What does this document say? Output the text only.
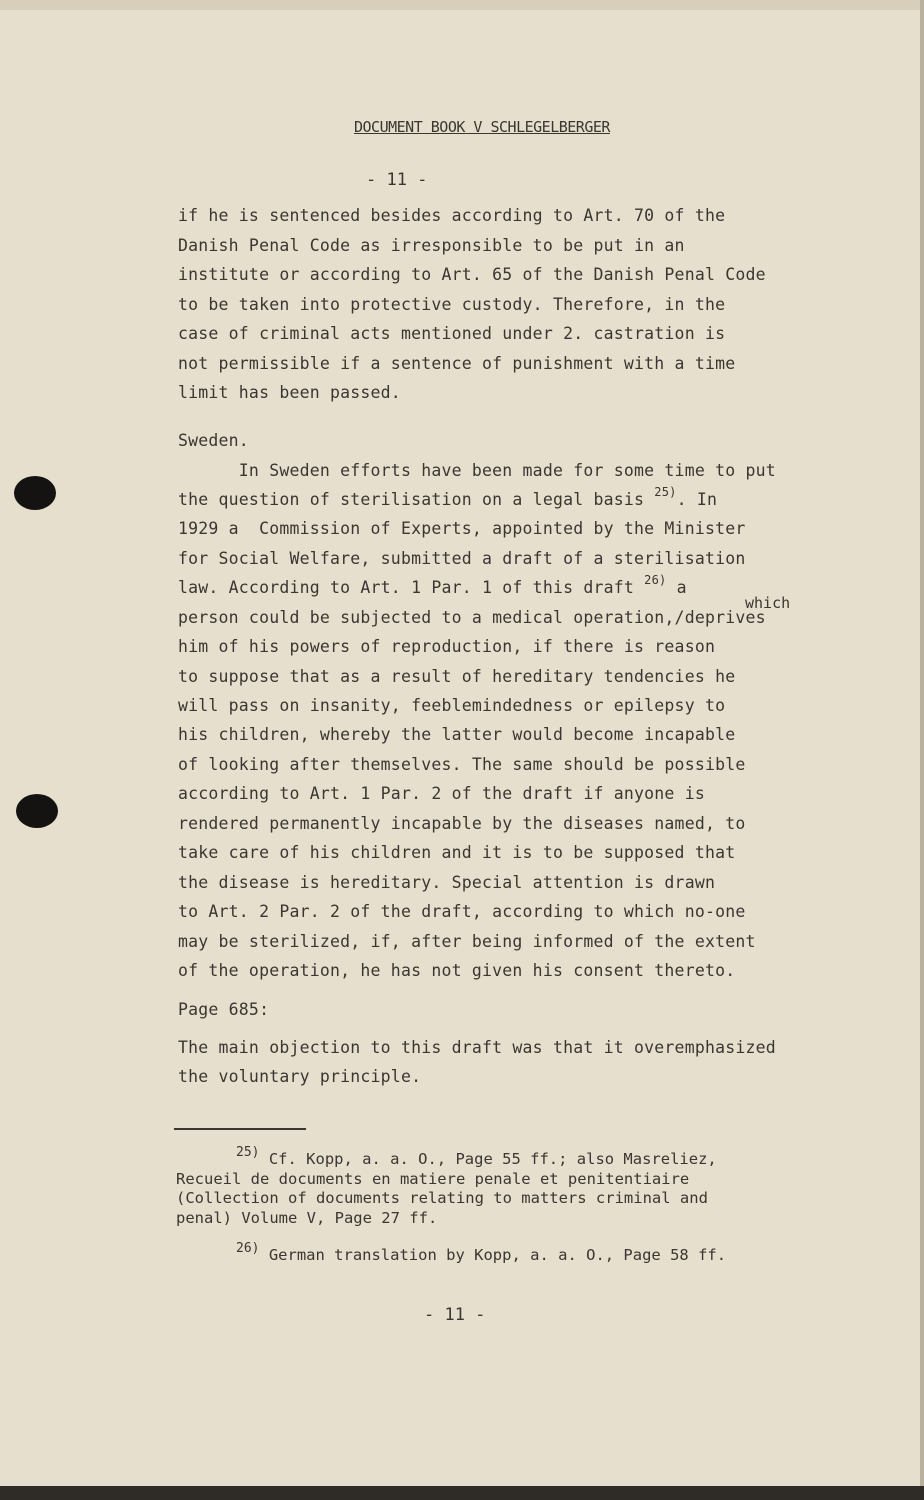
DOCUMENT BOOK V SCHLEGELBERGER
- 11 -
if he is sentenced besides according to Art. 70 of the
Danish Penal Code as irresponsible to be put in an
institute or according to Art. 65 of the Danish Penal Code
to be taken into protective custody. Therefore, in the
case of criminal acts mentioned under 2. castration is
not permissible if a sentence of punishment with a time
limit has been passed.
Sweden.
In Sweden efforts have been made for some time to put
the question of sterilisation on a legal basis $^{25)}$. In
1929 a  Commission of Experts, appointed by the Minister
for Social Welfare, submitted a draft of a sterilisation
law. According to Art. 1 Par. 1 of this draft $^{26)}$ a
which
person could be subjected to a medical operation,/deprives
him of his powers of reproduction, if there is reason
to suppose that as a result of hereditary tendencies he
will pass on insanity, feeblemindedness or epilepsy to
his children, whereby the latter would become incapable
of looking after themselves. The same should be possible
according to Art. 1 Par. 2 of the draft if anyone is
rendered permanently incapable by the diseases named, to
take care of his children and it is to be supposed that
the disease is hereditary. Special attention is drawn
to Art. 2 Par. 2 of the draft, according to which no-one
may be sterilized, if, after being informed of the extent
of the operation, he has not given his consent thereto.
Page 685:
The main objection to this draft was that it overemphasized
the voluntary principle.
$^{25)}$ Cf. Kopp, a. a. O., Page 55 ff.; also Masreliez,
Recueil de documents en matiere penale et penitentiaire
(Collection of documents relating to matters criminal and
penal) Volume V, Page 27 ff.
$^{26)}$ German translation by Kopp, a. a. O., Page 58 ff.
- 11 -
